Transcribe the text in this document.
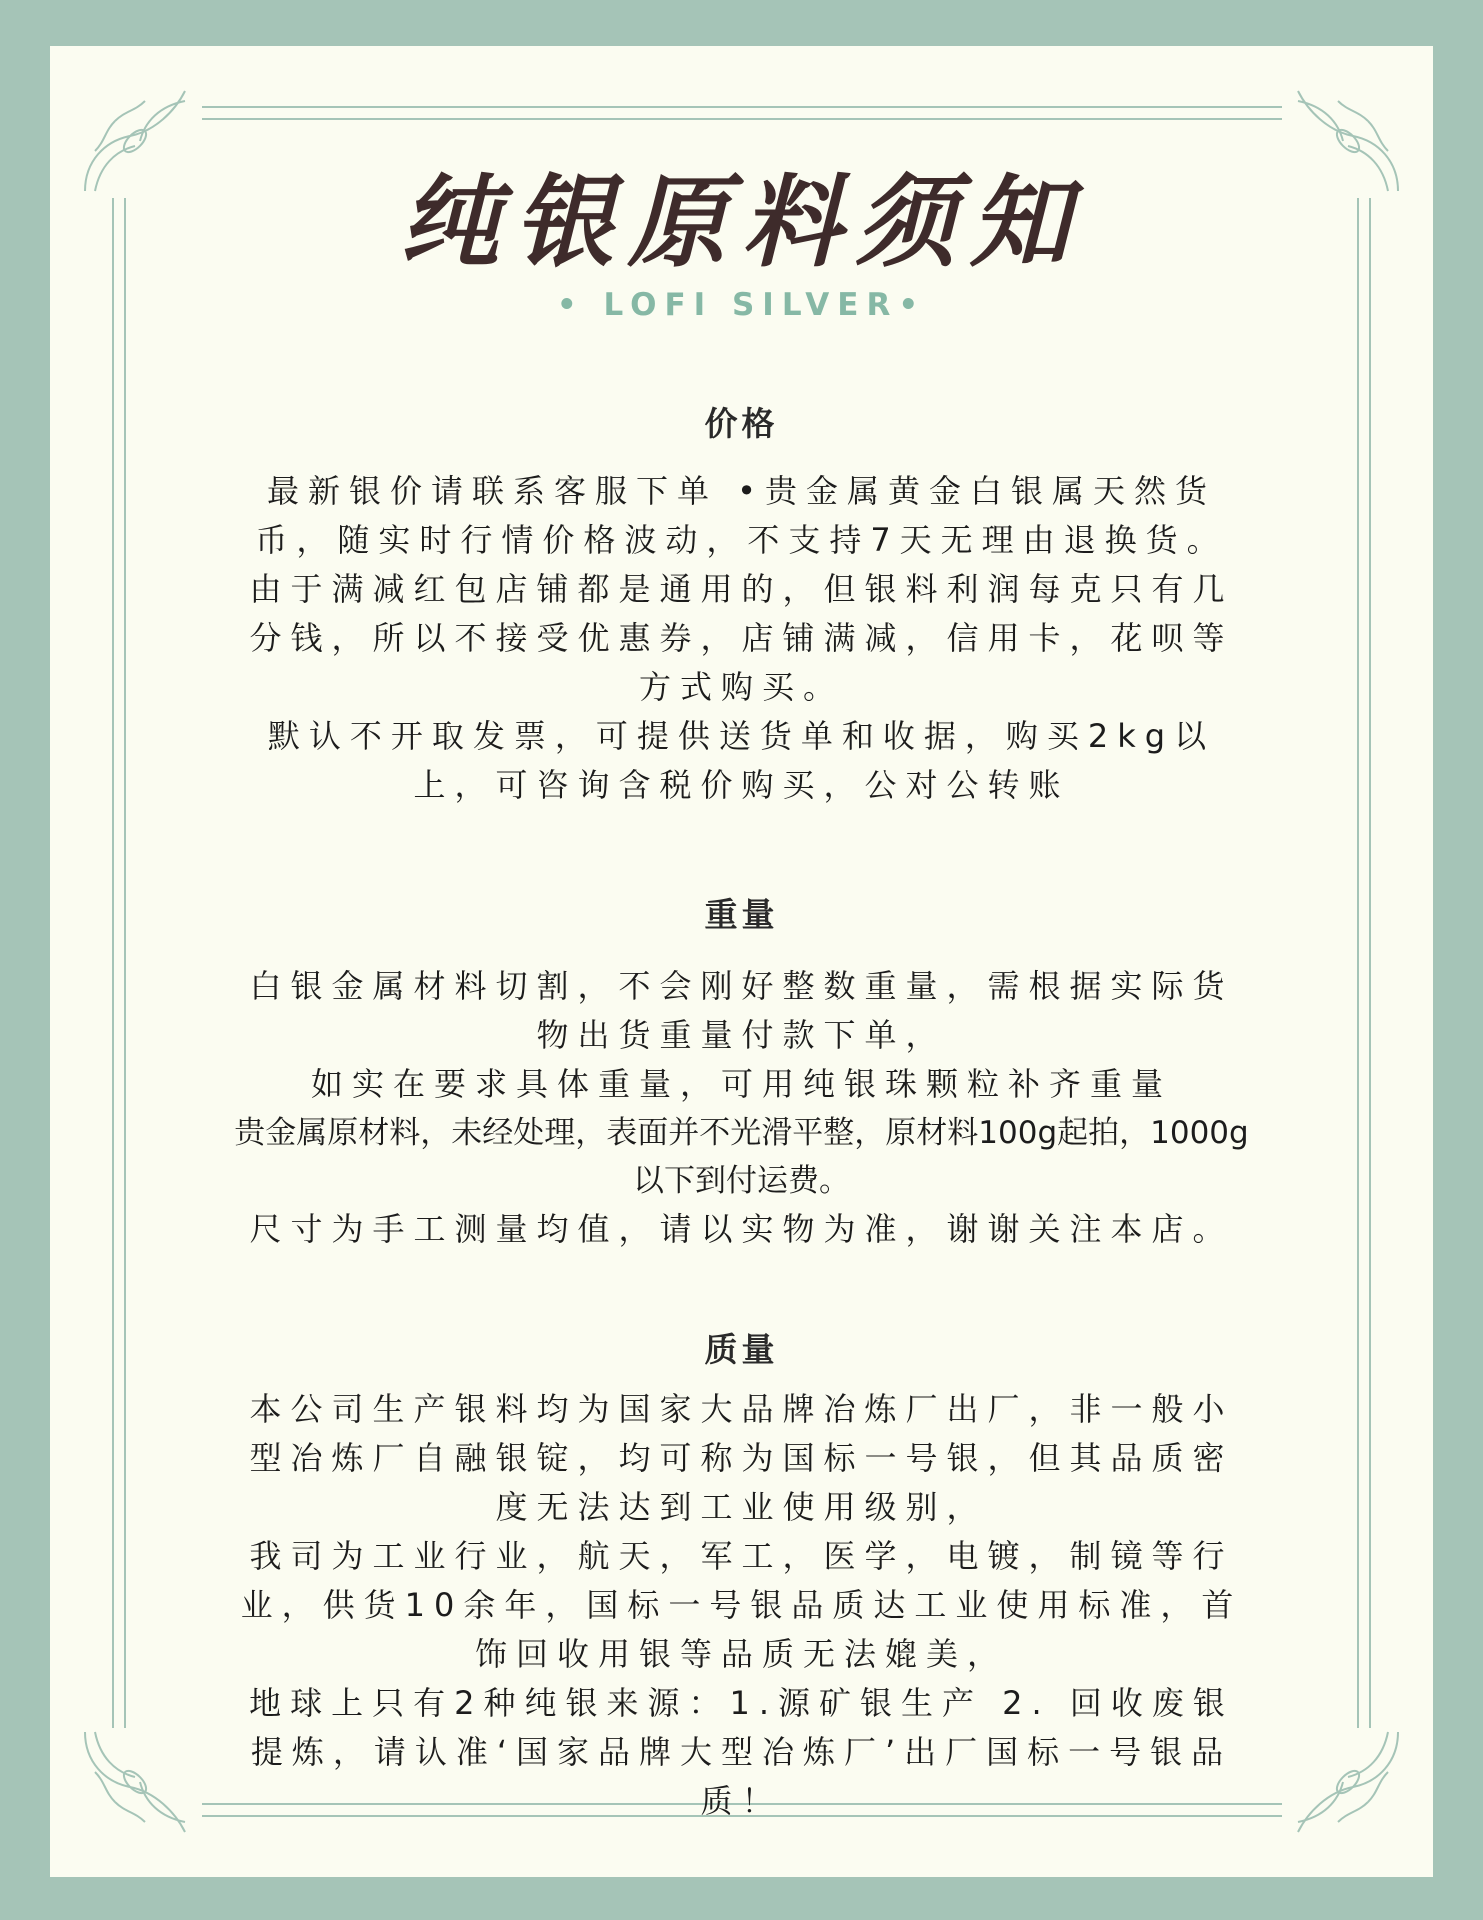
纯银原料须知
• LOFI SILVER•
价格

最新银价请联系客服下单 •贵金属黄金白银属天然货币，随实时行情价格波动，不支持7天无理由退换货。

由于满减红包店铺都是通用的，但银料利润每克只有几分钱，所以不接受优惠券，店铺满减，信用卡，花呗等方式购买。

默认不开取发票，可提供送货单和收据，购买2kg以上，可咨询含税价购买，公对公转账

重量

白银金属材料切割，不会刚好整数重量，需根据实际货物出货重量付款下单，

如实在要求具体重量，可用纯银珠颗粒补齐重量

贵金属原材料，未经处理，表面并不光滑平整，原材料100g起拍，1000g以下到付运费。

尺寸为手工测量均值，请以实物为准，谢谢关注本店。

质量

本公司生产银料均为国家大品牌冶炼厂出厂，非一般小型冶炼厂自融银锭，均可称为国标一号银，但其品质密度无法达到工业使用级别，

我司为工业行业，航天，军工，医学，电镀，制镜等行业，供货10余年，国标一号银品质达工业使用标准，首饰回收用银等品质无法媲美，

地球上只有2种纯银来源：1.源矿银生产 2. 回收废银提炼，请认准‘国家品牌大型冶炼厂’出厂国标一号银品质！
